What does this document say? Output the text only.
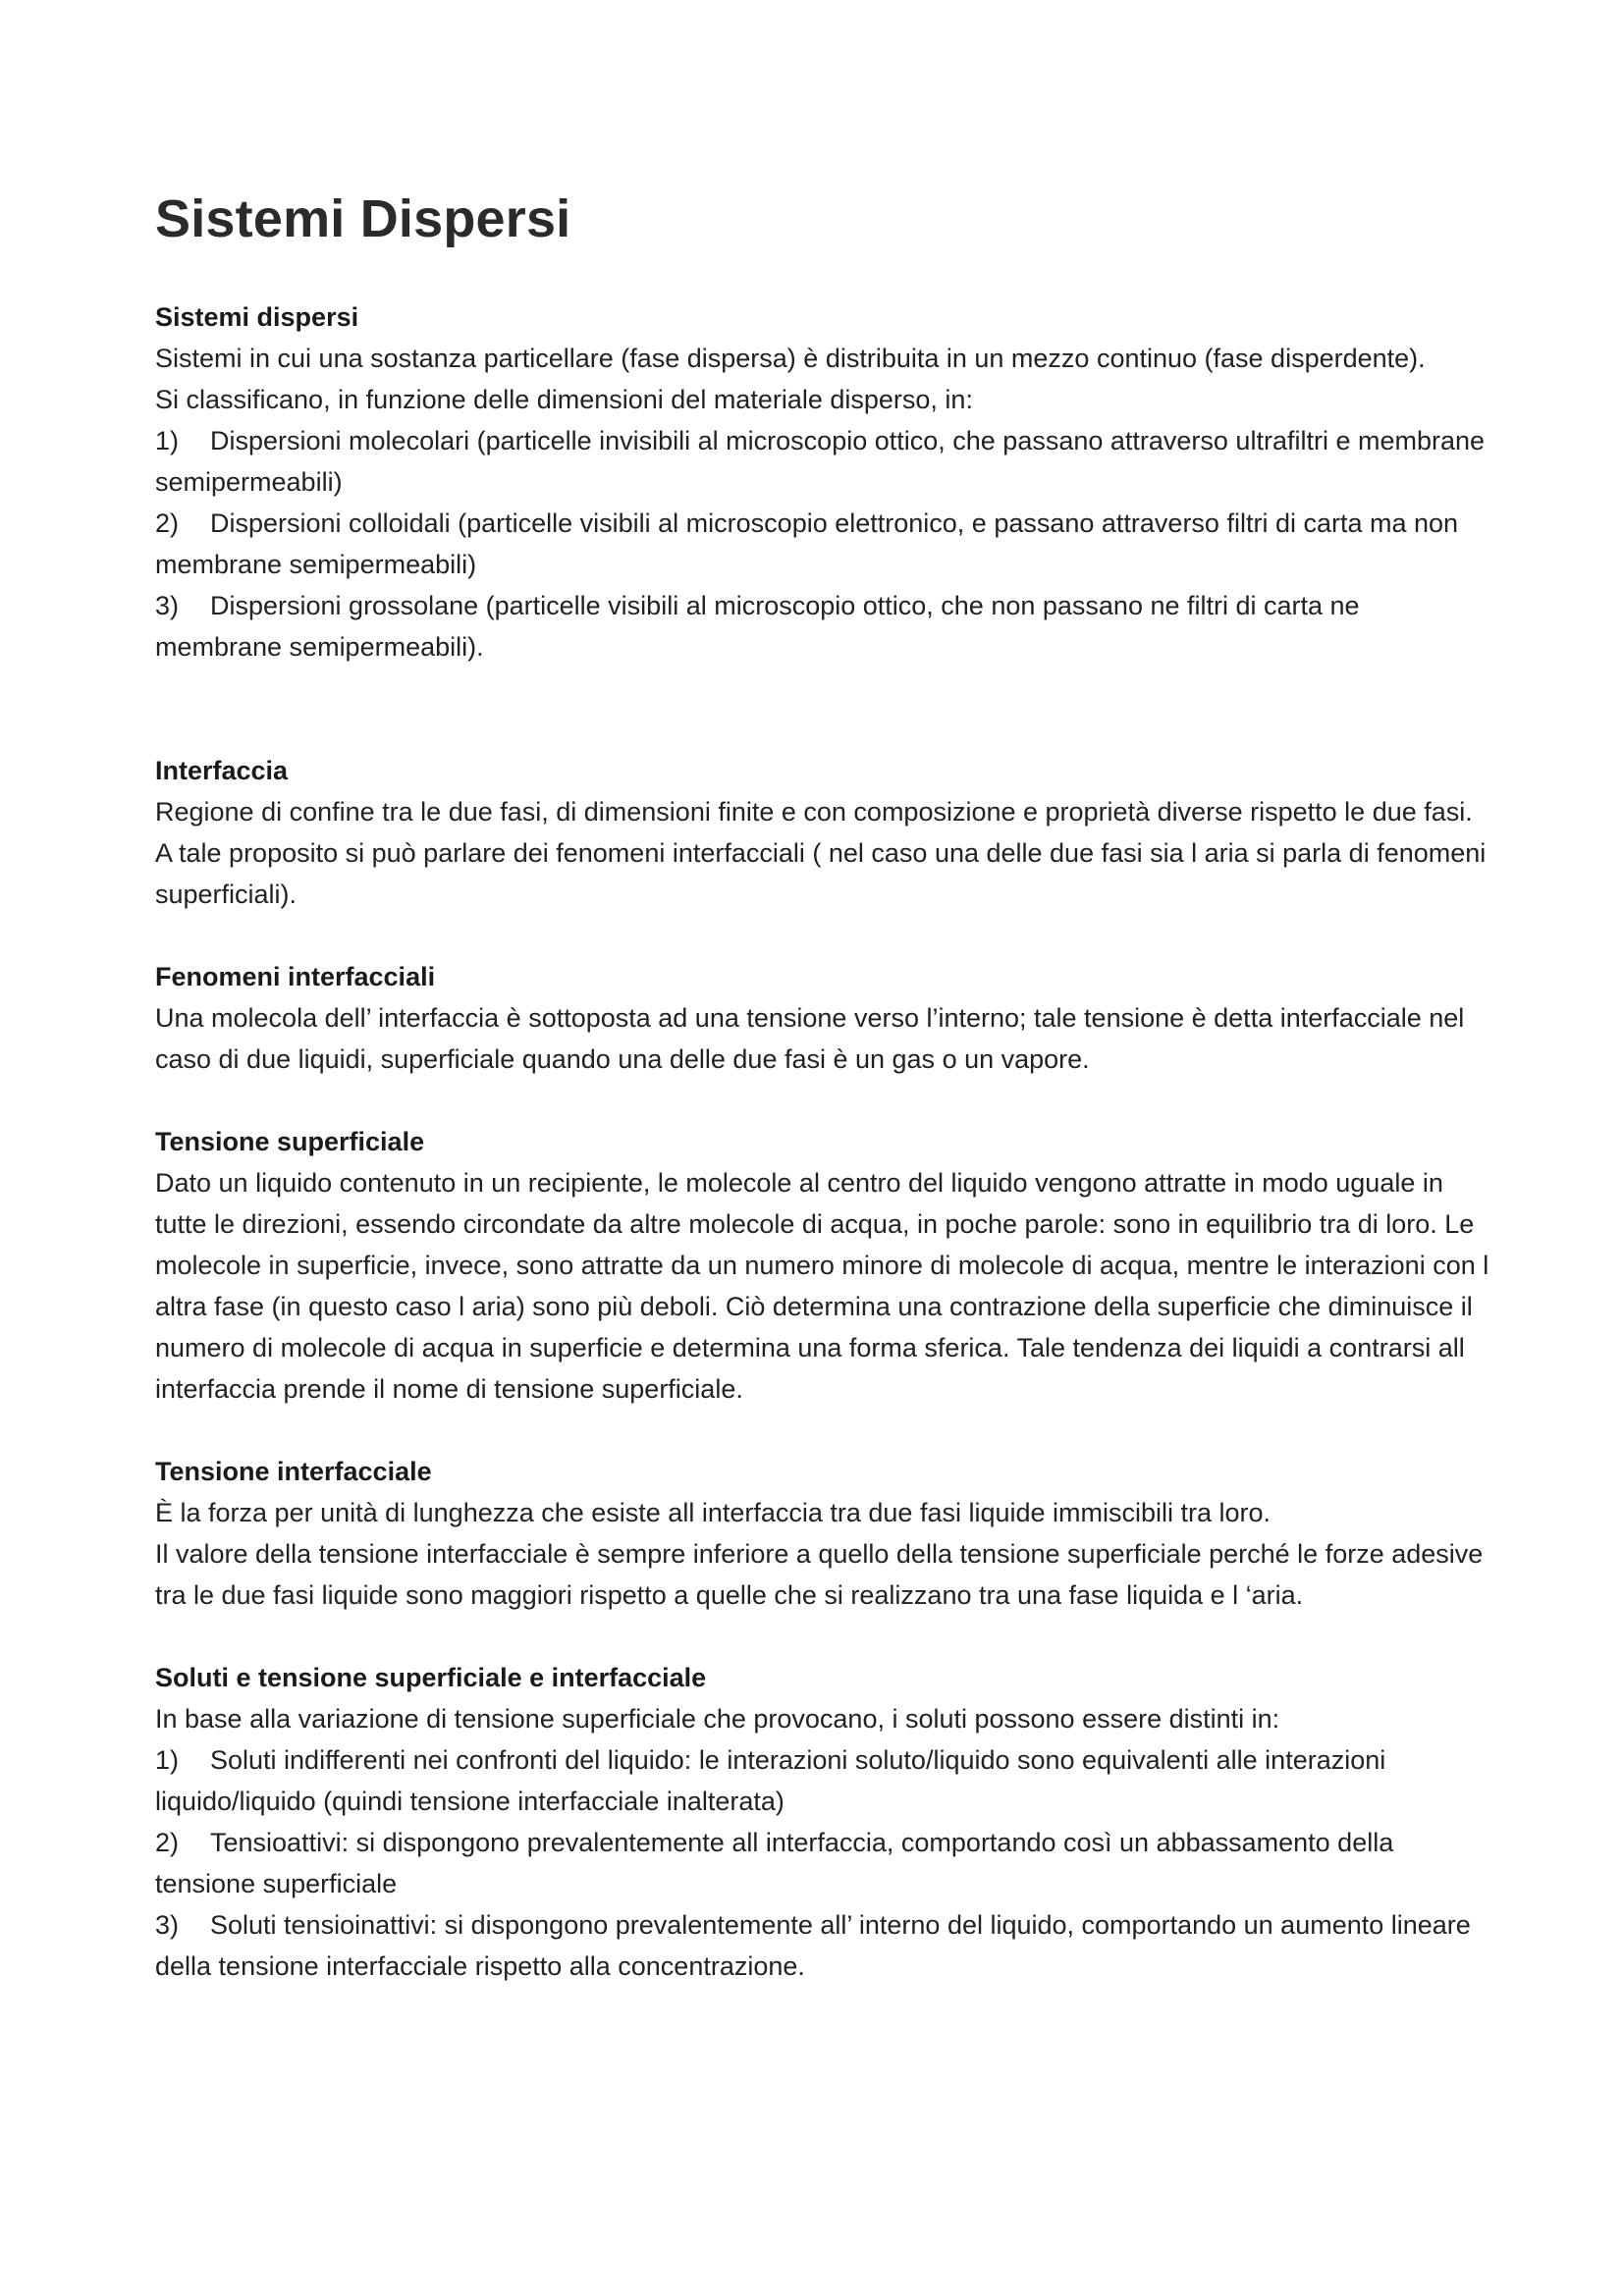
Sistemi Dispersi

Sistemi dispersi

Sistemi in cui una sostanza particellare (fase dispersa) è distribuita in un mezzo continuo (fase disperdente).

Si classificano, in funzione delle dimensioni del materiale disperso, in:

1) Dispersioni molecolari (particelle invisibili al microscopio ottico, che passano attraverso ultrafiltri e membrane semipermeabili)

2) Dispersioni colloidali (particelle visibili al microscopio elettronico, e passano attraverso filtri di carta ma non membrane semipermeabili)

3) Dispersioni grossolane (particelle visibili al microscopio ottico, che non passano ne filtri di carta ne membrane semipermeabili).

Interfaccia

Regione di confine tra le due fasi, di dimensioni finite e con composizione e proprietà diverse rispetto le due fasi. A tale proposito si può parlare dei fenomeni interfacciali ( nel caso una delle due fasi sia l aria si parla di fenomeni superficiali).

Fenomeni interfacciali

Una molecola dell’ interfaccia è sottoposta ad una tensione verso l’interno; tale tensione è detta interfacciale nel caso di due liquidi, superficiale quando una delle due fasi è un gas o un vapore.

Tensione superficiale

Dato un liquido contenuto in un recipiente, le molecole al centro del liquido vengono attratte in modo uguale in tutte le direzioni, essendo circondate da altre molecole di acqua, in poche parole: sono in equilibrio tra di loro. Le molecole in superficie, invece, sono attratte da un numero minore di molecole di acqua, mentre le interazioni con l altra fase (in questo caso l aria) sono più deboli. Ciò determina una contrazione della superficie che diminuisce il numero di molecole di acqua in superficie e determina una forma sferica. Tale tendenza dei liquidi a contrarsi all interfaccia prende il nome di tensione superficiale.

Tensione interfacciale

È la forza per unità di lunghezza che esiste all interfaccia tra due fasi liquide immiscibili tra loro.

Il valore della tensione interfacciale è sempre inferiore a quello della tensione superficiale perché le forze adesive tra le due fasi liquide sono maggiori rispetto a quelle che si realizzano tra una fase liquida e l ‘aria.

Soluti e tensione superficiale e interfacciale

In base alla variazione di tensione superficiale che provocano, i soluti possono essere distinti in:

1) Soluti indifferenti nei confronti del liquido: le interazioni soluto/liquido sono equivalenti alle interazioni liquido/liquido (quindi tensione interfacciale inalterata)

2) Tensioattivi: si dispongono prevalentemente all interfaccia, comportando così un abbassamento della tensione superficiale

3) Soluti tensioinattivi: si dispongono prevalentemente all’ interno del liquido, comportando un aumento lineare della tensione interfacciale rispetto alla concentrazione.
